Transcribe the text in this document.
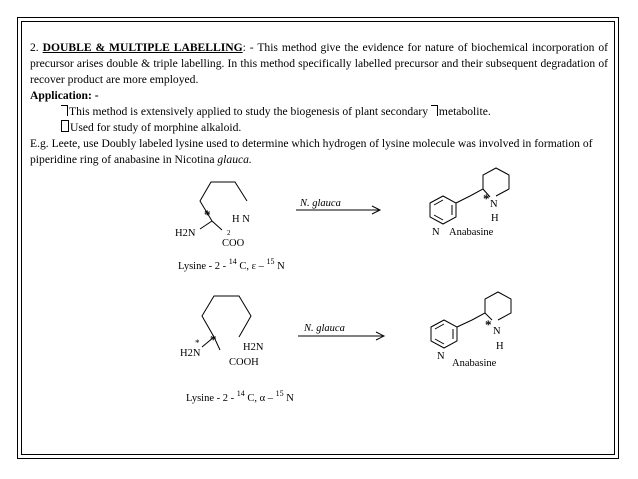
2. DOUBLE & MULTIPLE LABELLING: - This method give the evidence for nature of biochemical incorporation of precursor arises double & triple labelling. In this method specifically labelled precursor and their subsequent degradation of recover product are more employed.

Application: -

This method is extensively applied to study the biogenesis of plant secondary metabolite.

Used for study of morphine alkaloid.

E.g. Leete, use Doubly labeled lysine used to determine which hydrogen of lysine molecule was involved in formation of piperidine ring of anabasine in Nicotina glauca.

* H N
H2N	2
COO
N. glauca
N Anabasine
N
H
*
Lysine - 2 - $^{14}$ C, ε – $^{15}$ N
H2N
H2N
*
*
COOH
N. glauca
N
Anabasine
N
H
*
Lysine - 2 - $^{14}$ C, α – $^{15}$ N
